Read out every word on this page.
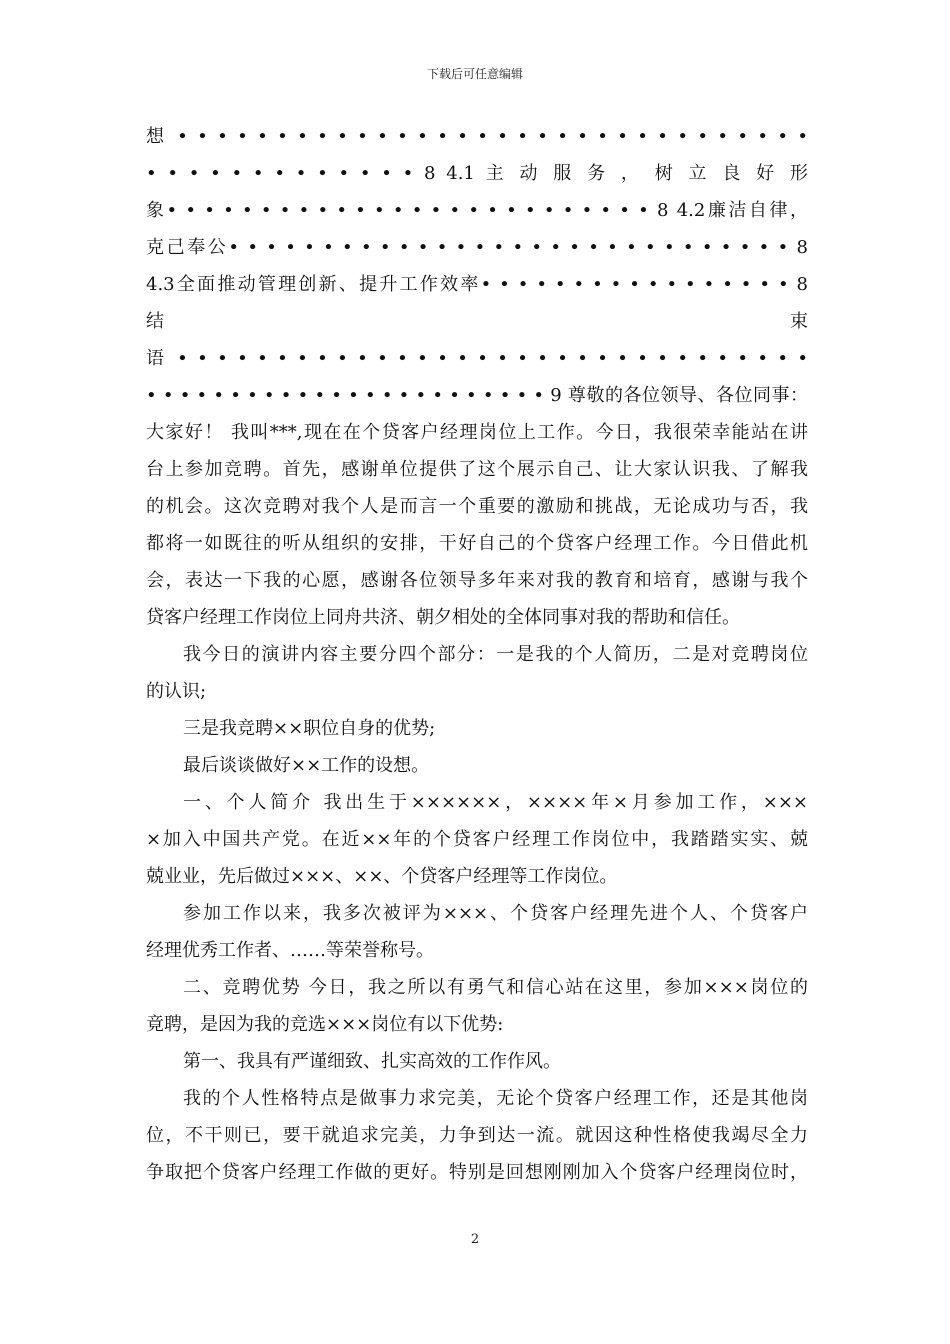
下载后可任意编辑
想 • • • • • • • • • • • • • • • • • • • • • • • • • • • • • • • •
• • • • • • • • • • • • • 8 4.1 主 动 服 务 ， 树 立 良 好 形
象• • • • • • • • • • • • • • • • • • • • • • • • • • 8 4.2廉洁自律，
克己奉公• • • • • • • • • • • • • • • • • • • • • • • • • • • • • • 8
4.3全面推动管理创新、提升工作效率• • • • • • • • • • • • • • • • • 8
结	束
语 • • • • • • • • • • • • • • • • • • • • • • • • • • • • • • • •
• • • • • • • • • • • • • • • • • • • • • • • • 9 尊敬的各位领导、各位同事：
大家好！ 我叫***,现在在个贷客户经理岗位上工作。今日，我很荣幸能站在讲
台上参加竞聘。首先，感谢单位提供了这个展示自己、让大家认识我、了解我
的机会。这次竞聘对我个人是而言一个重要的激励和挑战，无论成功与否，我
都将一如既往的听从组织的安排，干好自己的个贷客户经理工作。今日借此机
会，表达一下我的心愿，感谢各位领导多年来对我的教育和培育，感谢与我个
贷客户经理工作岗位上同舟共济、朝夕相处的全体同事对我的帮助和信任。
我今日的演讲内容主要分四个部分：一是我的个人简历，二是对竞聘岗位
的认识;
三是我竞聘××职位自身的优势;
最后谈谈做好××工作的设想。
一、个人简介 我出生于××××××，××××年×月参加工作，×××
×加入中国共产党。在近××年的个贷客户经理工作岗位中，我踏踏实实、兢
兢业业，先后做过×××、××、个贷客户经理等工作岗位。
参加工作以来，我多次被评为×××、个贷客户经理先进个人、个贷客户
经理优秀工作者、……等荣誉称号。
二、竞聘优势 今日，我之所以有勇气和信心站在这里，参加×××岗位的
竟聘，是因为我的竞选×××岗位有以下优势:
第一、我具有严谨细致、扎实高效的工作作风。
我的个人性格特点是做事力求完美，无论个贷客户经理工作，还是其他岗
位，不干则已，要干就追求完美，力争到达一流。就因这种性格使我竭尽全力
争取把个贷客户经理工作做的更好。特别是回想刚刚加入个贷客户经理岗位时，
2
